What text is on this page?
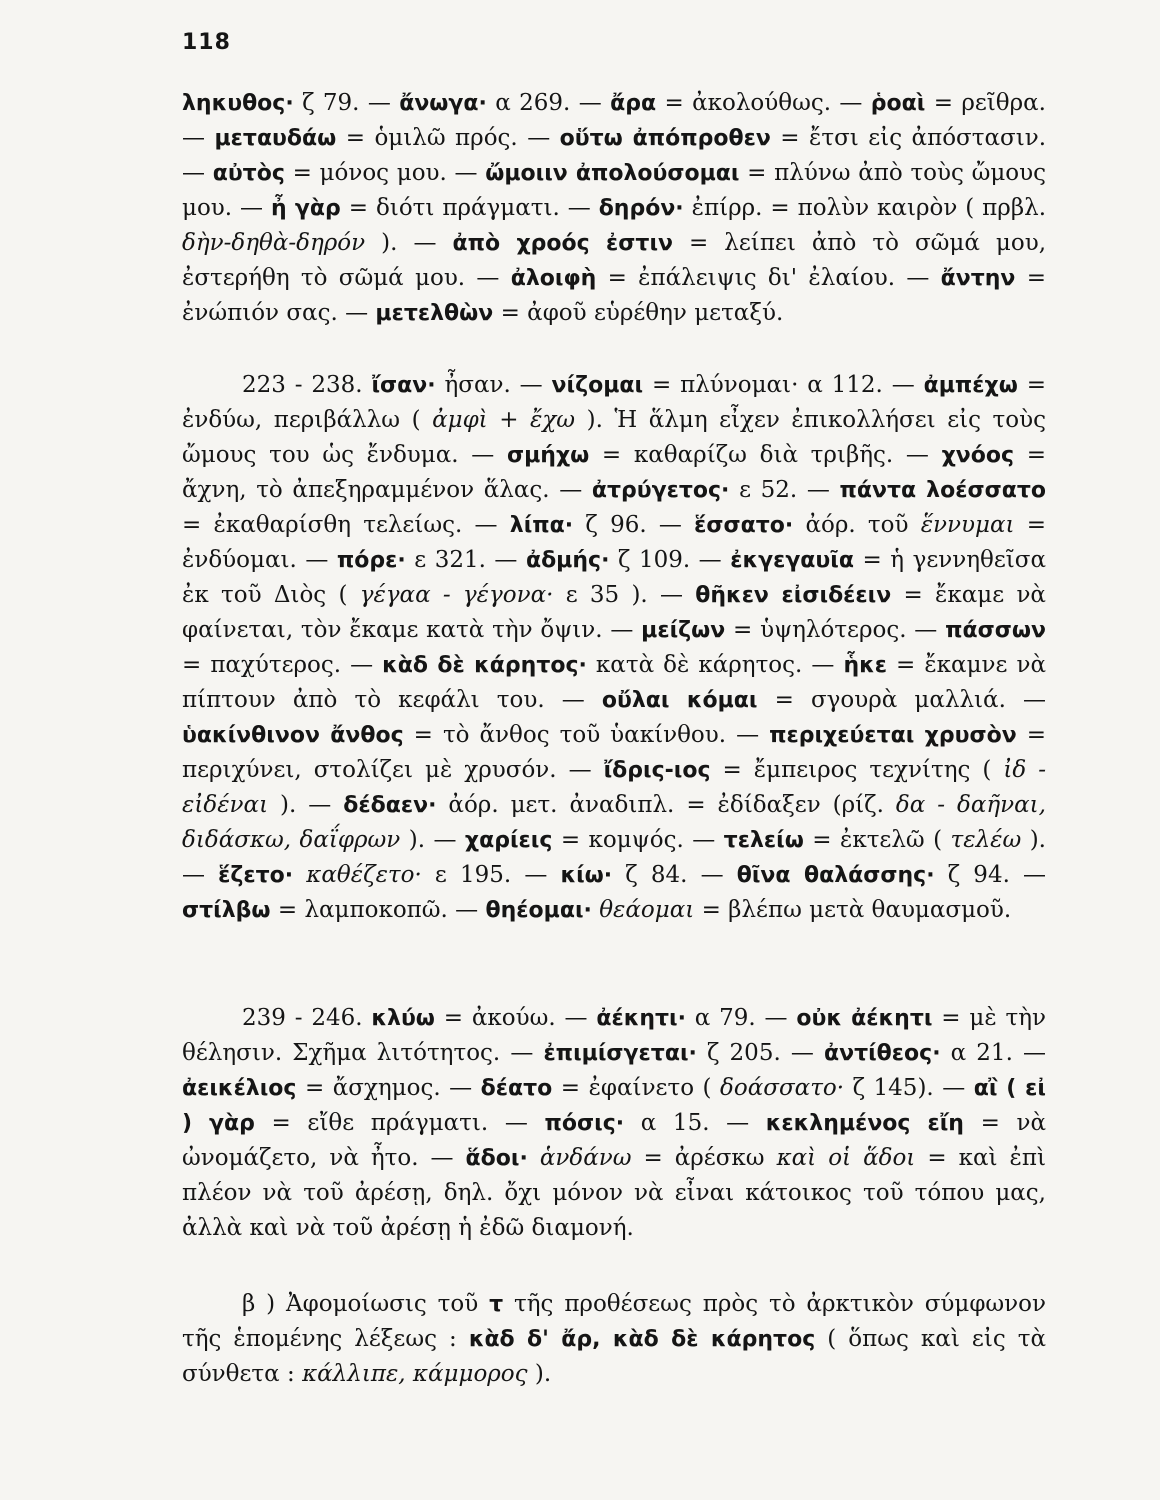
118

ληκυθος· ζ 79. — ἄνωγα· α 269. — ἄρα = ἀκολούθως. — ῥοαὶ = ρεῖθρα. — μεταυδάω = ὁμιλῶ πρός. — οὕτω ἀπόπροθεν = ἔτσι εἰς ἀπόστασιν. — αὐτὸς = μόνος μου. — ὤμοιιν ἀπολούσομαι = πλύνω ἀπὸ τοὺς ὤμους μου. — ἦ γὰρ = διότι πράγματι. — δηρόν· ἐπίρρ. = πολὺν καιρὸν ( πρβλ. δὴν-δηθὰ-δηρόν ). — ἀπὸ χροός ἐστιν = λείπει ἀπὸ τὸ σῶμά μου, ἐστερήθη τὸ σῶμά μου. — ἀλοιφὴ = ἐπάλειψις δι' ἐλαίου. — ἄντην = ἐνώπιόν σας. — μετελθὼν = ἀφοῦ εὑρέθην μεταξύ.

223 - 238. ἴσαν· ἦσαν. — νίζομαι = πλύνομαι· α 112. — ἀμπέχω = ἐνδύω, περιβάλλω ( ἀμφὶ + ἔχω ). Ἡ ἅλμη εἶχεν ἐπικολλήσει εἰς τοὺς ὤμους του ὡς ἔνδυμα. — σμήχω = καθαρίζω διὰ τριβῆς. — χνόος = ἄχνη, τὸ ἀπεξηραμμένον ἅλας. — ἀτρύγετος· ε 52. — πάντα λοέσσατο = ἐκαθαρίσθη τελείως. — λίπα· ζ 96. — ἕσσατο· ἀόρ. τοῦ ἕννυμαι = ἐνδύομαι. — πόρε· ε 321. — ἀδμής· ζ 109. — ἐκγεγαυῖα = ἡ γεννηθεῖσα ἐκ τοῦ Διὸς ( γέγαα - γέγονα· ε 35 ). — θῆκεν εἰσιδέειν = ἔκαμε νὰ φαίνεται, τὸν ἔκαμε κατὰ τὴν ὄψιν. — μείζων = ὑψηλότερος. — πάσσων = παχύτερος. — κὰδ δὲ κάρητος· κατὰ δὲ κάρητος. — ἧκε = ἔκαμνε νὰ πίπτουν ἀπὸ τὸ κεφάλι του. — οὔλαι κόμαι = σγουρὰ μαλλιά. — ὑακίνθινον ἄνθος = τὸ ἄνθος τοῦ ὑακίνθου. — περιχεύεται χρυσὸν = περιχύνει, στολίζει μὲ χρυσόν. — ἴδρις-ιος = ἔμπειρος τεχνίτης ( ἰδ - εἰδέναι ). — δέδαεν· ἀόρ. μετ. ἀναδιπλ. = ἐδίδαξεν (ρίζ. δα - δαῆναι, διδάσκω, δαΐφρων ). — χαρίεις = κομψός. — τελείω = ἐκτελῶ ( τελέω ). — ἕζετο· καθέζετο· ε 195. — κίω· ζ 84. — θῖνα θαλάσσης· ζ 94. — στίλβω = λαμποκοπῶ. — θηέομαι· θεάομαι = βλέπω μετὰ θαυμασμοῦ.

239 - 246. κλύω = ἀκούω. — ἀέκητι· α 79. — οὐκ ἀέκητι = μὲ τὴν θέλησιν. Σχῆμα λιτότητος. — ἐπιμίσγεται· ζ 205. — ἀντίθεος· α 21. — ἀεικέλιος = ἄσχημος. — δέατο = ἐφαίνετο ( δοάσσατο· ζ 145). — αἲ ( εἰ ) γὰρ = εἴθε πράγματι. — πόσις· α 15. — κεκλημένος εἴη = νὰ ὠνομάζετο, νὰ ἦτο. — ἅδοι· ἁνδάνω = ἀρέσκω καὶ οἱ ἅδοι = καὶ ἐπὶ πλέον νὰ τοῦ ἀρέσῃ, δηλ. ὄχι μόνον νὰ εἶναι κάτοικος τοῦ τόπου μας, ἀλλὰ καὶ νὰ τοῦ ἀρέσῃ ἡ ἐδῶ διαμονή.

β ) Ἀφομοίωσις τοῦ τ τῆς προθέσεως πρὸς τὸ ἀρκτικὸν σύμφωνον τῆς ἑπομένης λέξεως : κὰδ δ' ἄρ, κὰδ δὲ κάρητος ( ὅπως καὶ εἰς τὰ σύνθετα : κάλλιπε, κάμμορος ).
